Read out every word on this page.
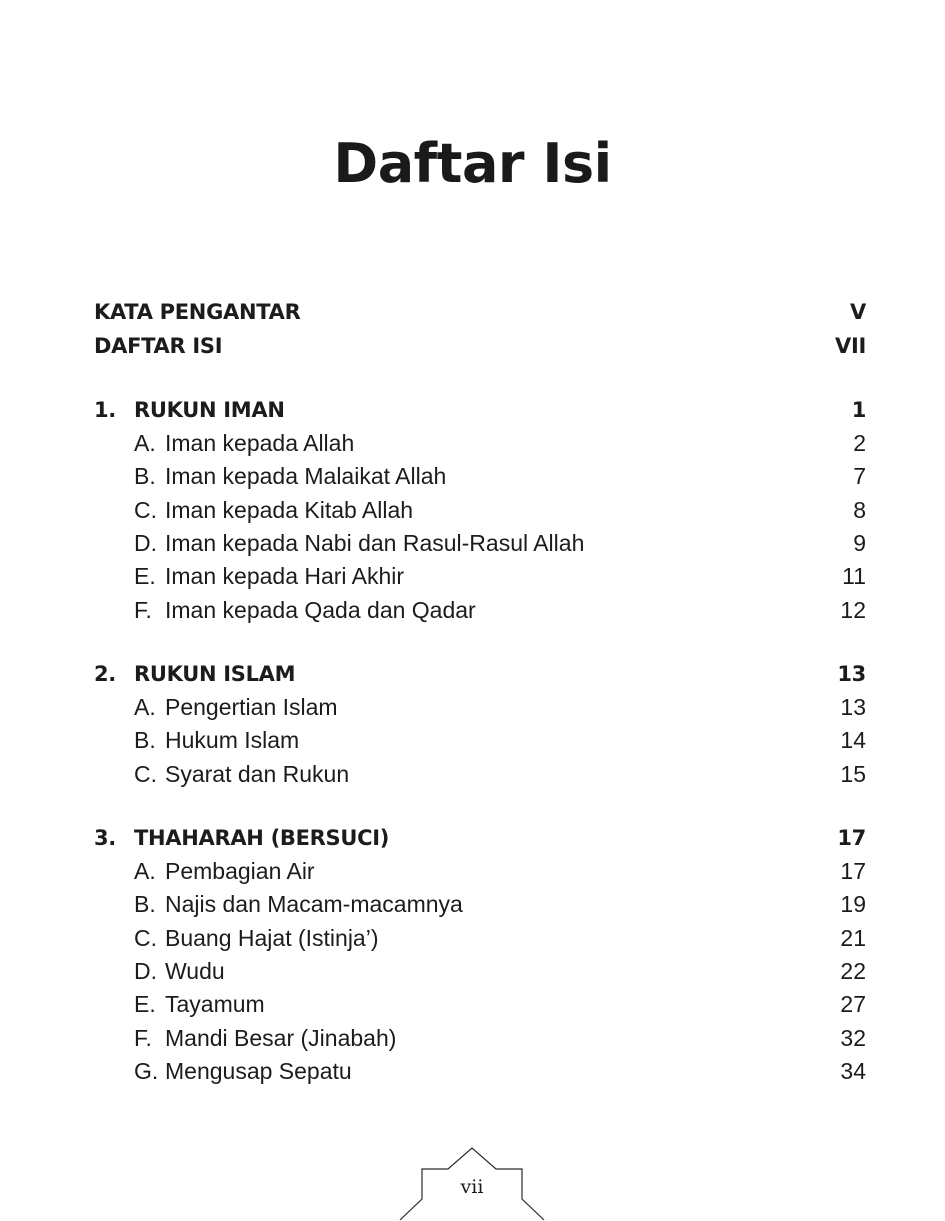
Daftar Isi
KATA PENGANTAR	V
DAFTAR ISI	VII
1. RUKUN IMAN	1
A. Iman kepada Allah	2
B. Iman kepada Malaikat Allah	7
C. Iman kepada Kitab Allah	8
D. Iman kepada Nabi dan Rasul-Rasul Allah	9
E. Iman kepada Hari Akhir	11
F. Iman kepada Qada dan Qadar	12
2. RUKUN ISLAM	13
A. Pengertian Islam	13
B. Hukum Islam	14
C. Syarat dan Rukun	15
3. THAHARAH (BERSUCI)	17
A. Pembagian Air	17
B. Najis dan Macam-macamnya	19
C. Buang Hajat (Istinja’)	21
D. Wudu	22
E. Tayamum	27
F. Mandi Besar (Jinabah)	32
G. Mengusap Sepatu	34
vii
